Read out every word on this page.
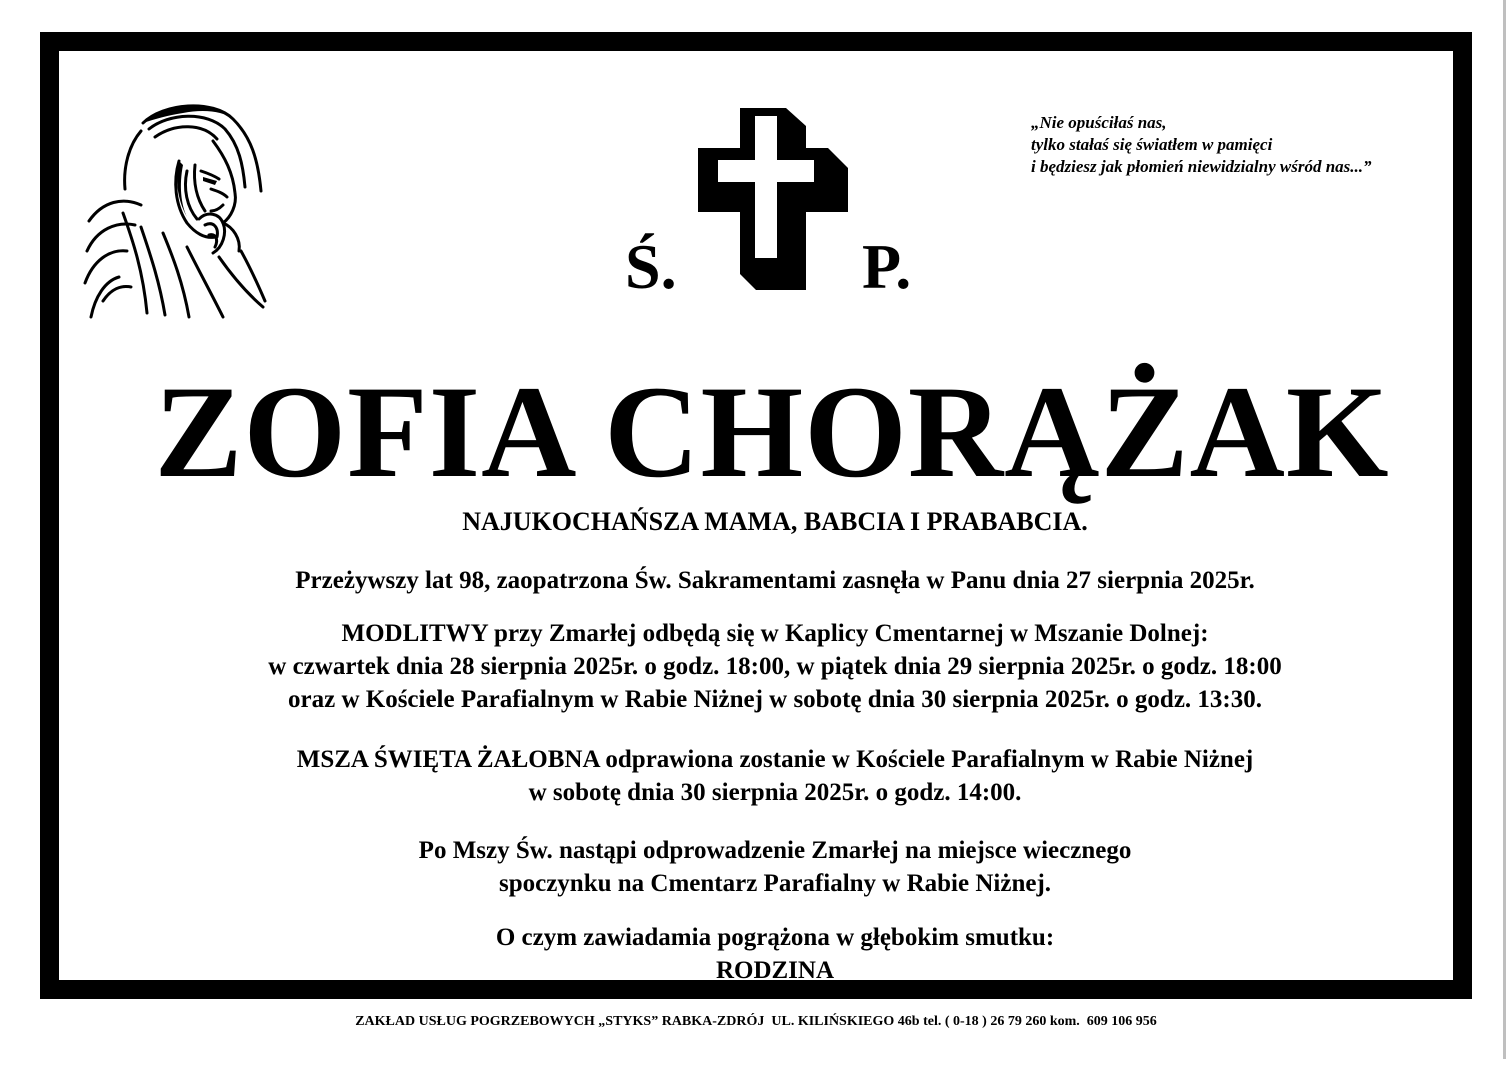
„Nie opuściłaś nas,
tylko stałaś się światłem w pamięci
i będziesz jak płomień niewidzialny wśród nas...”
Ś.	P.
ZOFIA CHORĄŻAK
NAJUKOCHAŃSZA MAMA, BABCIA I PRABABCIA.
Przeżywszy lat 98, zaopatrzona Św. Sakramentami zasnęła w Panu dnia 27 sierpnia 2025r.
MODLITWY przy Zmarłej odbędą się w Kaplicy Cmentarnej w Mszanie Dolnej:
w czwartek dnia 28 sierpnia 2025r. o godz. 18:00, w piątek dnia 29 sierpnia 2025r. o godz. 18:00
oraz w Kościele Parafialnym w Rabie Niżnej w sobotę dnia 30 sierpnia 2025r. o godz. 13:30.
MSZA ŚWIĘTA ŻAŁOBNA odprawiona zostanie w Kościele Parafialnym w Rabie Niżnej
w sobotę dnia 30 sierpnia 2025r. o godz. 14:00.
Po Mszy Św. nastąpi odprowadzenie Zmarłej na miejsce wiecznego
spoczynku na Cmentarz Parafialny w Rabie Niżnej.
O czym zawiadamia pogrążona w głębokim smutku:
RODZINA
ZAKŁAD USŁUG POGRZEBOWYCH „STYKS” RABKA-ZDRÓJ  UL. KILIŃSKIEGO 46b tel. ( 0-18 ) 26 79 260 kom.  609 106 956
